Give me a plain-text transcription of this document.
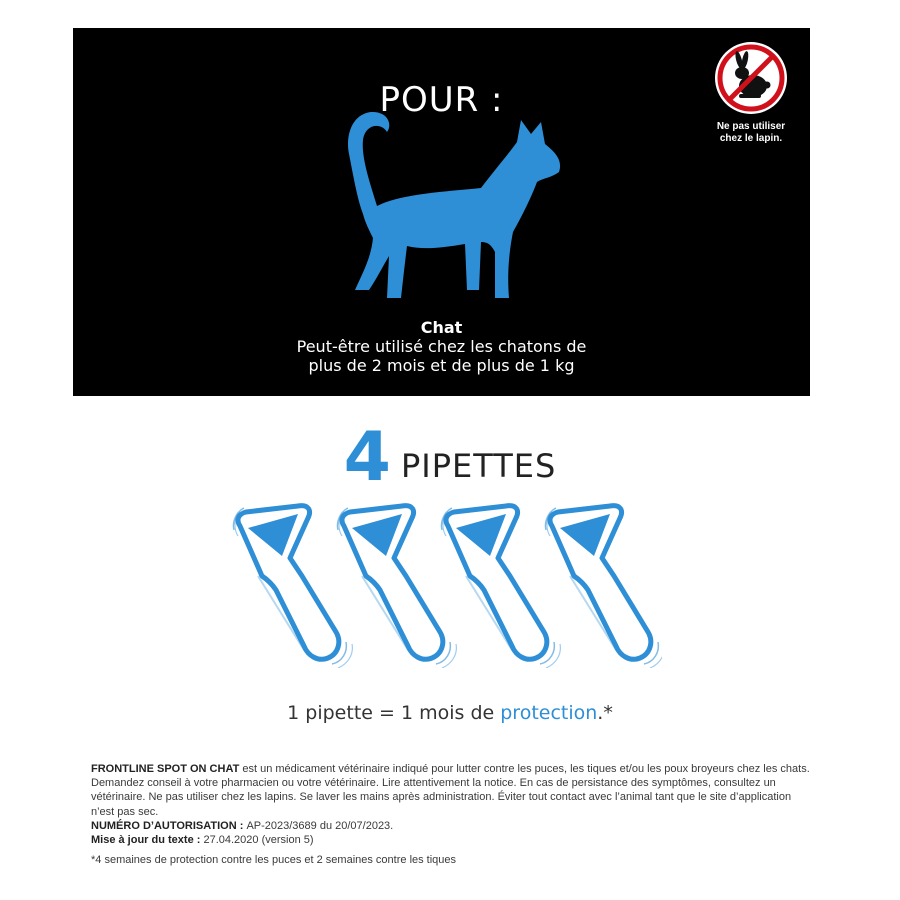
POUR :
Chat
Peut-être utilisé chez les chatons de
plus de 2 mois et de plus de 1 kg
Ne pas utiliser
chez le lapin.
4 PIPETTES
1 pipette = 1 mois de protection.*
FRONTLINE SPOT ON CHAT est un médicament vétérinaire indiqué pour lutter contre les puces, les tiques et/ou les poux broyeurs chez les chats. Demandez conseil à votre pharmacien ou votre vétérinaire. Lire attentivement la notice. En cas de persistance des symptômes, consultez un vétérinaire. Ne pas utiliser chez les lapins. Se laver les mains après administration. Éviter tout contact avec l’animal tant que le site d’application n’est pas sec.
NUMÉRO D’AUTORISATION : AP-2023/3689 du 20/07/2023.
Mise à jour du texte : 27.04.2020 (version 5)
*4 semaines de protection contre les puces et 2 semaines contre les tiques
